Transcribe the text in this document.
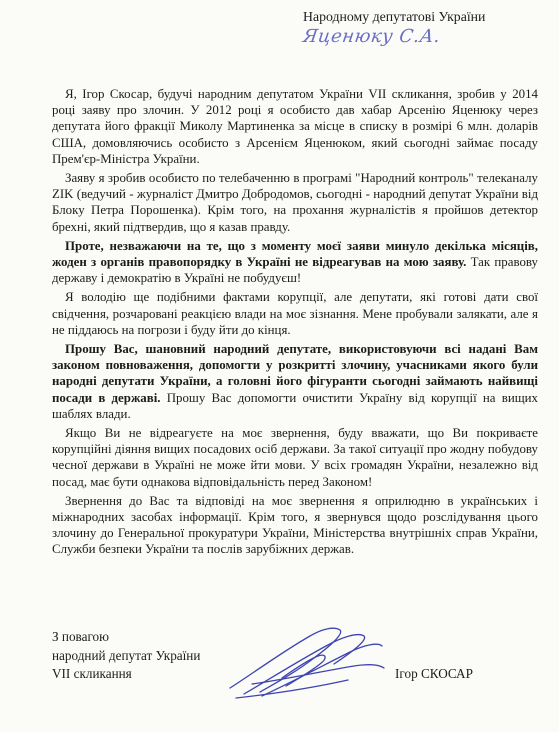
Народному депутатові України
Яценюку С.А.

Я, Ігор Скосар, будучі народним депутатом України VII скликання, зробив у 2014 році заяву про злочин. У 2012 році я особисто дав хабар Арсенію Яценюку через депутата його фракції Миколу Мартиненка за місце в списку в розмірі 6 млн. доларів США, домовляючись особисто з Арсенієм Яценюком, який сьогодні займає посаду Прем'єр-Міністра України.

Заяву я зробив особисто по телебаченню в програмі "Народний контроль" телеканалу ZIK (ведучий - журналіст Дмитро Добродомов, сьогодні - народний депутат України від Блоку Петра Порошенка). Крім того, на прохання журналістів я пройшов детектор брехні, який підтвердив, що я казав правду.

Проте, незважаючи на те, що з моменту моєї заяви минуло декілька місяців, жоден з органів правопорядку в Україні не відреагував на мою заяву. Так правову державу і демократію в Україні не побудуєш!

Я володію ще подібними фактами корупції, але депутати, які готові дати свої свідчення, розчаровані реакцією влади на моє зізнання. Мене пробували залякати, але я не піддаюсь на погрози і буду йти до кінця.

Прошу Вас, шановний народний депутате, використовуючи всі надані Вам законом повноваження, допомогти у розкритті злочину, учасниками якого були народні депутати України, а головні його фігуранти сьогодні займають найвищі посади в державі. Прошу Вас допомогти очистити Україну від корупції на вищих шаблях влади.

Якщо Ви не відреагуєте на моє звернення, буду вважати, що Ви покриваєте корупційні діяння вищих посадових осіб держави. За такої ситуації про жодну побудову чесної держави в Україні не може йти мови. У всіх громадян України, незалежно від посад, має бути однакова відповідальність перед Законом!

Звернення до Вас та відповіді на моє звернення я оприлюдню в українських і міжнародних засобах інформації. Крім того, я звернувся щодо розслідування цього злочину до Генеральної прокуратури України, Міністерства внутрішніх справ України, Служби безпеки України та послів зарубіжних держав.

З повагою
народний депутат України
VII скликання	Ігор СКОСАР
